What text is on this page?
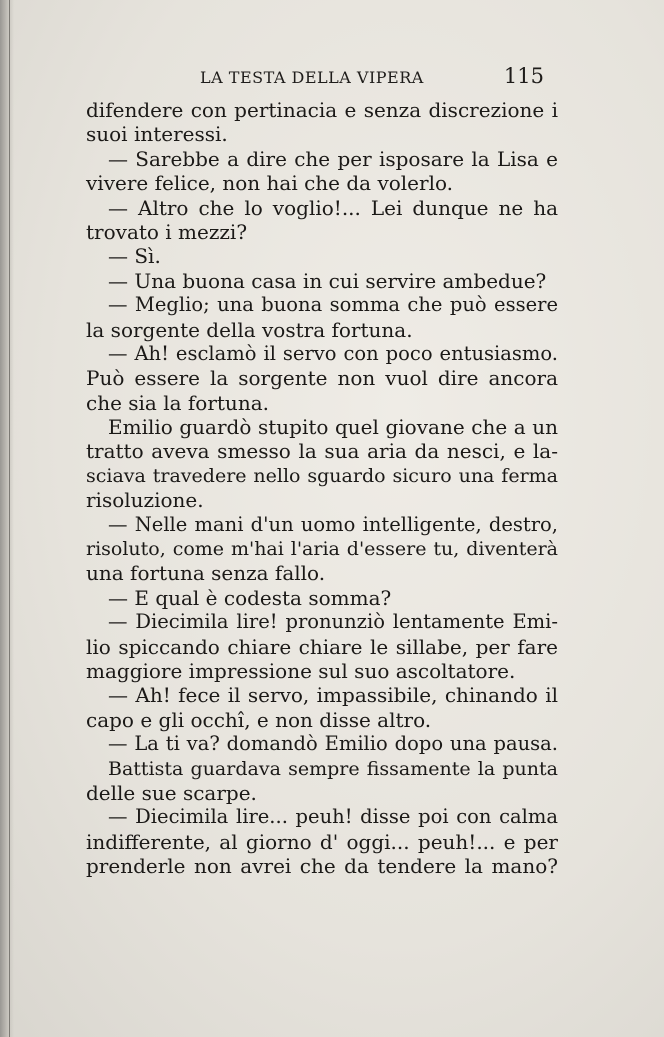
LA TESTA DELLA VIPERA	115
difendere con pertinacia e senza discrezione i
suoi interessi.
— Sarebbe a dire che per isposare la Lisa e
vivere felice, non hai che da volerlo.
— Altro che lo voglio!... Lei dunque ne ha
trovato i mezzi?
— Sì.
— Una buona casa in cui servire ambedue?
— Meglio; una buona somma che può essere
la sorgente della vostra fortuna.
— Ah! esclamò il servo con poco entusiasmo.
Può essere la sorgente non vuol dire ancora
che sia la fortuna.
Emilio guardò stupito quel giovane che a un
tratto aveva smesso la sua aria da nesci, e la-
sciava travedere nello sguardo sicuro una ferma
risoluzione.
— Nelle mani d'un uomo intelligente, destro,
risoluto, come m'hai l'aria d'essere tu, diventerà
una fortuna senza fallo.
— E qual è codesta somma?
— Diecimila lire! pronunziò lentamente Emi-
lio spiccando chiare chiare le sillabe, per fare
maggiore impressione sul suo ascoltatore.
— Ah! fece il servo, impassibile, chinando il
capo e gli occhî, e non disse altro.
— La ti va? domandò Emilio dopo una pausa.
Battista guardava sempre fissamente la punta
delle sue scarpe.
— Diecimila lire... peuh! disse poi con calma
indifferente, al giorno d' oggi... peuh!... e per
prenderle non avrei che da tendere la mano?
